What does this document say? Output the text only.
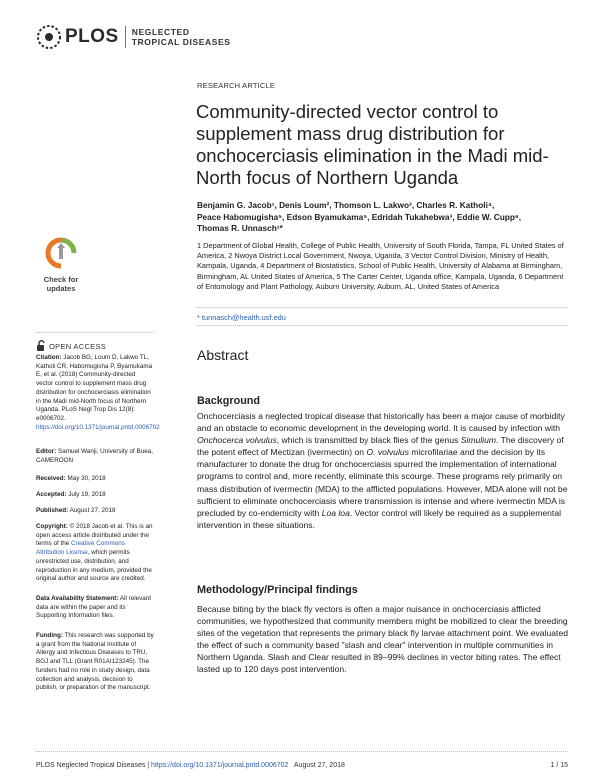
PLOS NEGLECTED
TROPICAL DISEASES
RESEARCH ARTICLE
Community-directed vector control to supplement mass drug distribution for onchocerciasis elimination in the Madi mid-North focus of Northern Uganda
Benjamin G. Jacob¹, Denis Loum², Thomson L. Lakwo³, Charles R. Katholi⁴,
Peace Habomugisha⁵, Edson Byamukama⁵, Edridah Tukahebwa³, Eddie W. Cupp⁶,
Thomas R. Unnasch¹*
1 Department of Global Health, College of Public Health, University of South Florida, Tampa, FL United States of America, 2 Nwoya District Local Government, Nwoya, Uganda, 3 Vector Control Division, Ministry of Health, Kampala, Uganda, 4 Department of Biostatistics, School of Public Health, University of Alabama at Birmingham, Birmingham, AL United States of America, 5 The Carter Center, Uganda office, Kampala, Uganda, 6 Department of Entomology and Plant Pathology, Auburn University, Auburn, AL, United States of America
* tunnasch@health.usf.edu
Check for
updates
OPEN ACCESS
Citation: Jacob BG, Loum D, Lakwo TL, Katholi CR, Habomugisha P, Byamukama E, et al. (2018) Community-directed vector control to supplement mass drug distribution for onchocerciasis elimination in the Madi mid-North focus of Northern Uganda. PLoS Negl Trop Dis 12(8): e0006702. https://doi.org/10.1371/journal.pntd.0006702
Editor: Samuel Wanji, University of Buea, CAMEROON
Received: May 30, 2018
Accepted: July 19, 2018
Published: August 27, 2018
Copyright: © 2018 Jacob et al. This is an open access article distributed under the terms of the Creative Commons Attribution License, which permits unrestricted use, distribution, and reproduction in any medium, provided the original author and source are credited.
Data Availability Statement: All relevant data are within the paper and its Supporting Information files.
Funding: This research was supported by a grant from the National Institute of Allergy and Infectious Diseases to TRU, BGJ and TLL (Grant R01AI123245). The funders had no role in study design, data collection and analysis, decision to publish, or preparation of the manuscript.
Abstract
Background
Onchocerciasis a neglected tropical disease that historically has been a major cause of morbidity and an obstacle to economic development in the developing world. It is caused by infection with Onchocerca volvulus, which is transmitted by black flies of the genus Simulium. The discovery of the potent effect of Mectizan (ivermectin) on O. volvulus microfilariae and the decision by its manufacturer to donate the drug for onchocerciasis spurred the implementation of international programs to control and, more recently, eliminate this scourge. These programs rely primarily on mass distribution of ivermectin (MDA) to the afflicted populations. However, MDA alone will not be sufficient to eliminate onchocerciasis where transmission is intense and where ivermectin MDA is precluded by co-endemicity with Loa loa. Vector control will likely be required as a supplemental intervention in these situations.
Methodology/Principal findings
Because biting by the black fly vectors is often a major nuisance in onchocerciasis afflicted communities, we hypothesized that community members might be mobilized to clear the breeding sites of the vegetation that represents the primary black fly larvae attachment point. We evaluated the effect of such a community based "slash and clear" intervention in multiple communities in Northern Uganda. Slash and Clear resulted in 89–99% declines in vector biting rates. The effect lasted up to 120 days post intervention.
PLOS Neglected Tropical Diseases | https://doi.org/10.1371/journal.pntd.0006702   August 27, 2018	1 / 15
